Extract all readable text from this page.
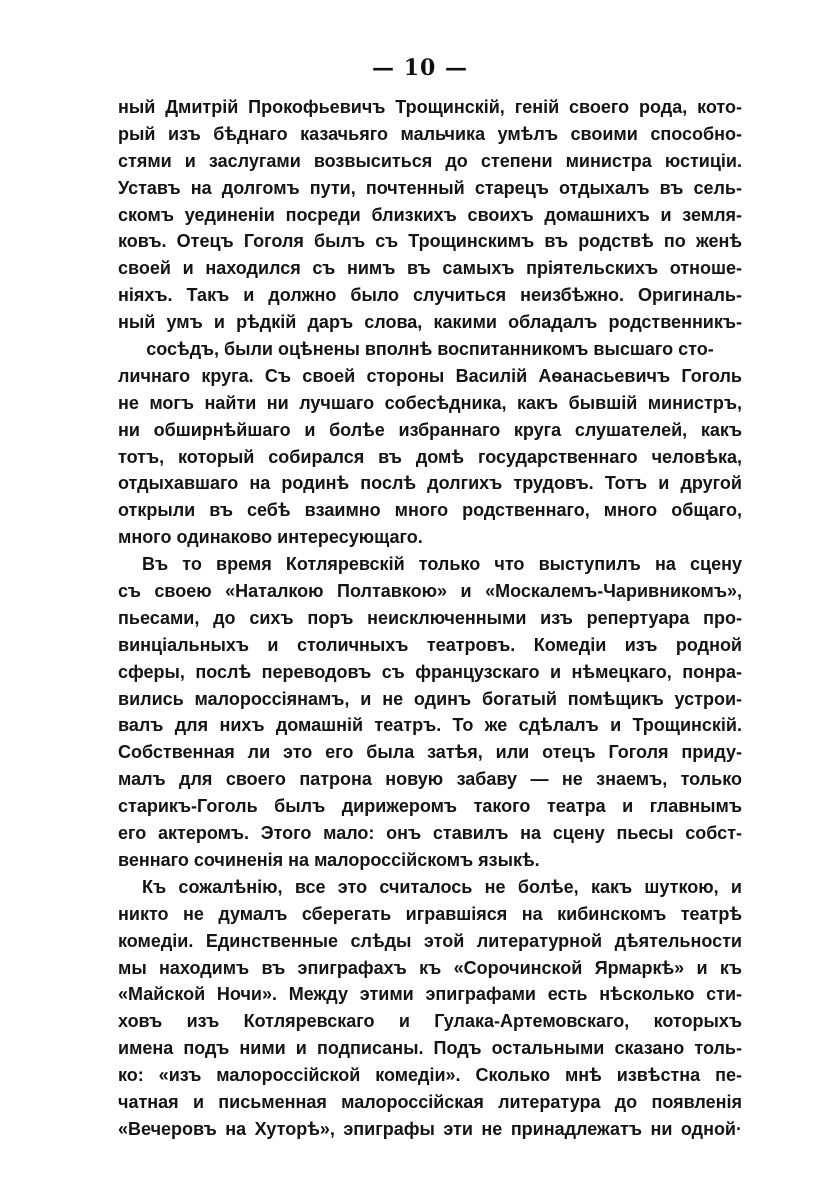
— 10 —
ный Дмитрій Прокофьевичъ Трощинскій, геній своего рода, кото-
рый изъ бѣднаго казачьяго мальчика умѣлъ своими способно-
стями и заслугами возвыситься до степени министра юстиціи.
Уставъ на долгомъ пути, почтенный старецъ отдыхалъ въ сель-
скомъ уединеніи посреди близкихъ своихъ домашнихъ и земля-
ковъ. Отецъ Гоголя былъ съ Трощинскимъ въ родствѣ по женѣ
своей и находился съ нимъ въ самыхъ пріятельскихъ отноше-
ніяхъ. Такъ и должно было случиться неизбѣжно. Оригиналь-
ный умъ и рѣдкій даръ слова, какими обладалъ родственникъ-
сосѣдъ, были оцѣнены вполнѣ воспитанникомъ высшаго сто-
личнаго круга. Съ своей стороны Василій Аѳанасьевичъ Гоголь
не могъ найти ни лучшаго собесѣдника, какъ бывшій министръ,
ни обширнѣйшаго и болѣе избраннаго круга слушателей, какъ
тотъ, который собирался въ домѣ государственнаго человѣка,
отдыхавшаго на родинѣ послѣ долгихъ трудовъ. Тотъ и другой
открыли въ себѣ взаимно много родственнаго, много общаго,
много одинаково интересующаго.
Въ то время Котляревскій только что выступилъ на сцену
съ своею «Наталкою Полтавкою» и «Москалемъ-Чаривникомъ»,
пьесами, до сихъ поръ неисключенными изъ репертуара про-
винціальныхъ и столичныхъ театровъ. Комедіи изъ родной
сферы, послѣ переводовъ съ французскаго и нѣмецкаго, понра-
вились малороссіянамъ, и не одинъ богатый помѣщикъ устрои-
валъ для нихъ домашній театръ. То же сдѣлалъ и Трощинскій.
Собственная ли это его была затѣя, или отецъ Гоголя приду-
малъ для своего патрона новую забаву — не знаемъ, только
старикъ-Гоголь былъ дирижеромъ такого театра и главнымъ
его актеромъ. Этого мало: онъ ставилъ на сцену пьесы собст-
веннаго сочиненія на малороссійскомъ языкѣ.
Къ сожалѣнію, все это считалось не болѣе, какъ шуткою, и
никто не думалъ сберегать игравшіяся на кибинскомъ театрѣ
комедіи. Единственные слѣды этой литературной дѣятельности
мы находимъ въ эпиграфахъ къ «Сорочинской Ярмаркѣ» и къ
«Майской Ночи». Между этими эпиграфами есть нѣсколько сти-
ховъ изъ Котляревскаго и Гулака-Артемовскаго, которыхъ
имена подъ ними и подписаны. Подъ остальными сказано толь-
ко: «изъ малороссійской комедіи». Сколько мнѣ извѣстна пе-
чатная и письменная малороссійская литература до появленія
«Вечеровъ на Хуторѣ», эпиграфы эти не принадлежатъ ни одной·
